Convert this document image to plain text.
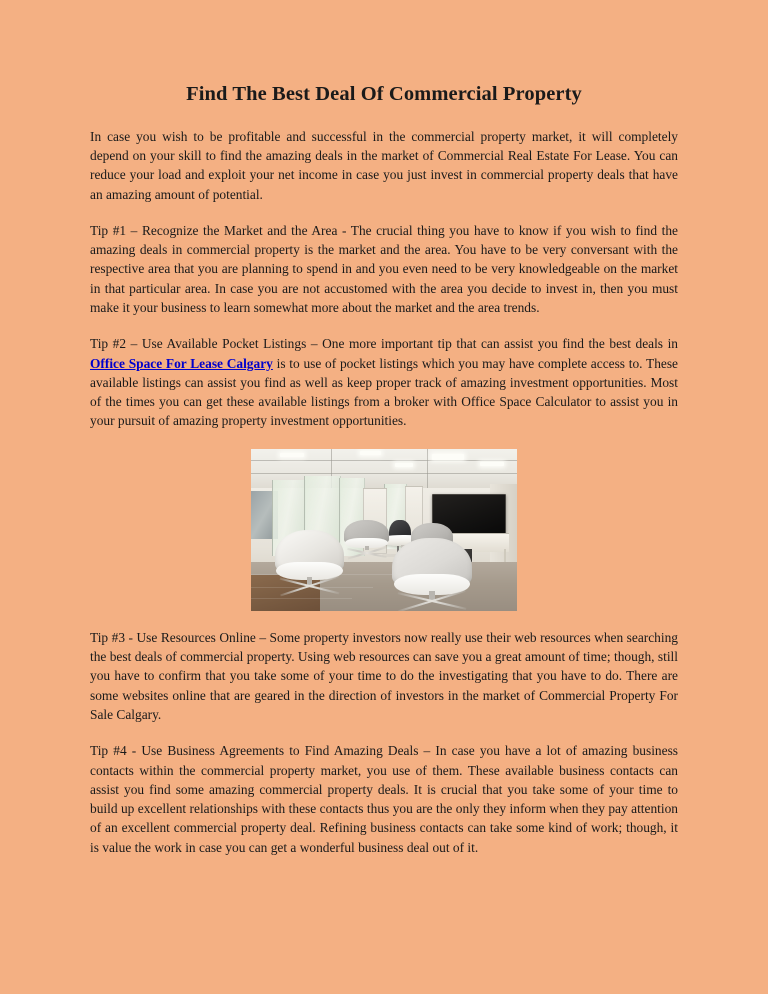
Find The Best Deal Of Commercial Property

In case you wish to be profitable and successful in the commercial property market, it will completely depend on your skill to find the amazing deals in the market of Commercial Real Estate For Lease. You can reduce your load and exploit your net income in case you just invest in commercial property deals that have an amazing amount of potential.

Tip #1 – Recognize the Market and the Area - The crucial thing you have to know if you wish to find the amazing deals in commercial property is the market and the area. You have to be very conversant with the respective area that you are planning to spend in and you even need to be very knowledgeable on the market in that particular area. In case you are not accustomed with the area you decide to invest in, then you must make it your business to learn somewhat more about the market and the area trends.

Tip #2 – Use Available Pocket Listings – One more important tip that can assist you find the best deals in Office Space For Lease Calgary is to use of pocket listings which you may have complete access to. These available listings can assist you find as well as keep proper track of amazing investment opportunities. Most of the times you can get these available listings from a broker with Office Space Calculator to assist you in your pursuit of amazing property investment opportunities.

Tip #3 - Use Resources Online – Some property investors now really use their web resources when searching the best deals of commercial property. Using web resources can save you a great amount of time; though, still you have to confirm that you take some of your time to do the investigating that you have to do. There are some websites online that are geared in the direction of investors in the market of Commercial Property For Sale Calgary.

Tip #4 - Use Business Agreements to Find Amazing Deals – In case you have a lot of amazing business contacts within the commercial property market, you use of them. These available business contacts can assist you find some amazing commercial property deals. It is crucial that you take some of your time to build up excellent relationships with these contacts thus you are the only they inform when they pay attention of an excellent commercial property deal. Refining business contacts can take some kind of work; though, it is value the work in case you can get a wonderful business deal out of it.
